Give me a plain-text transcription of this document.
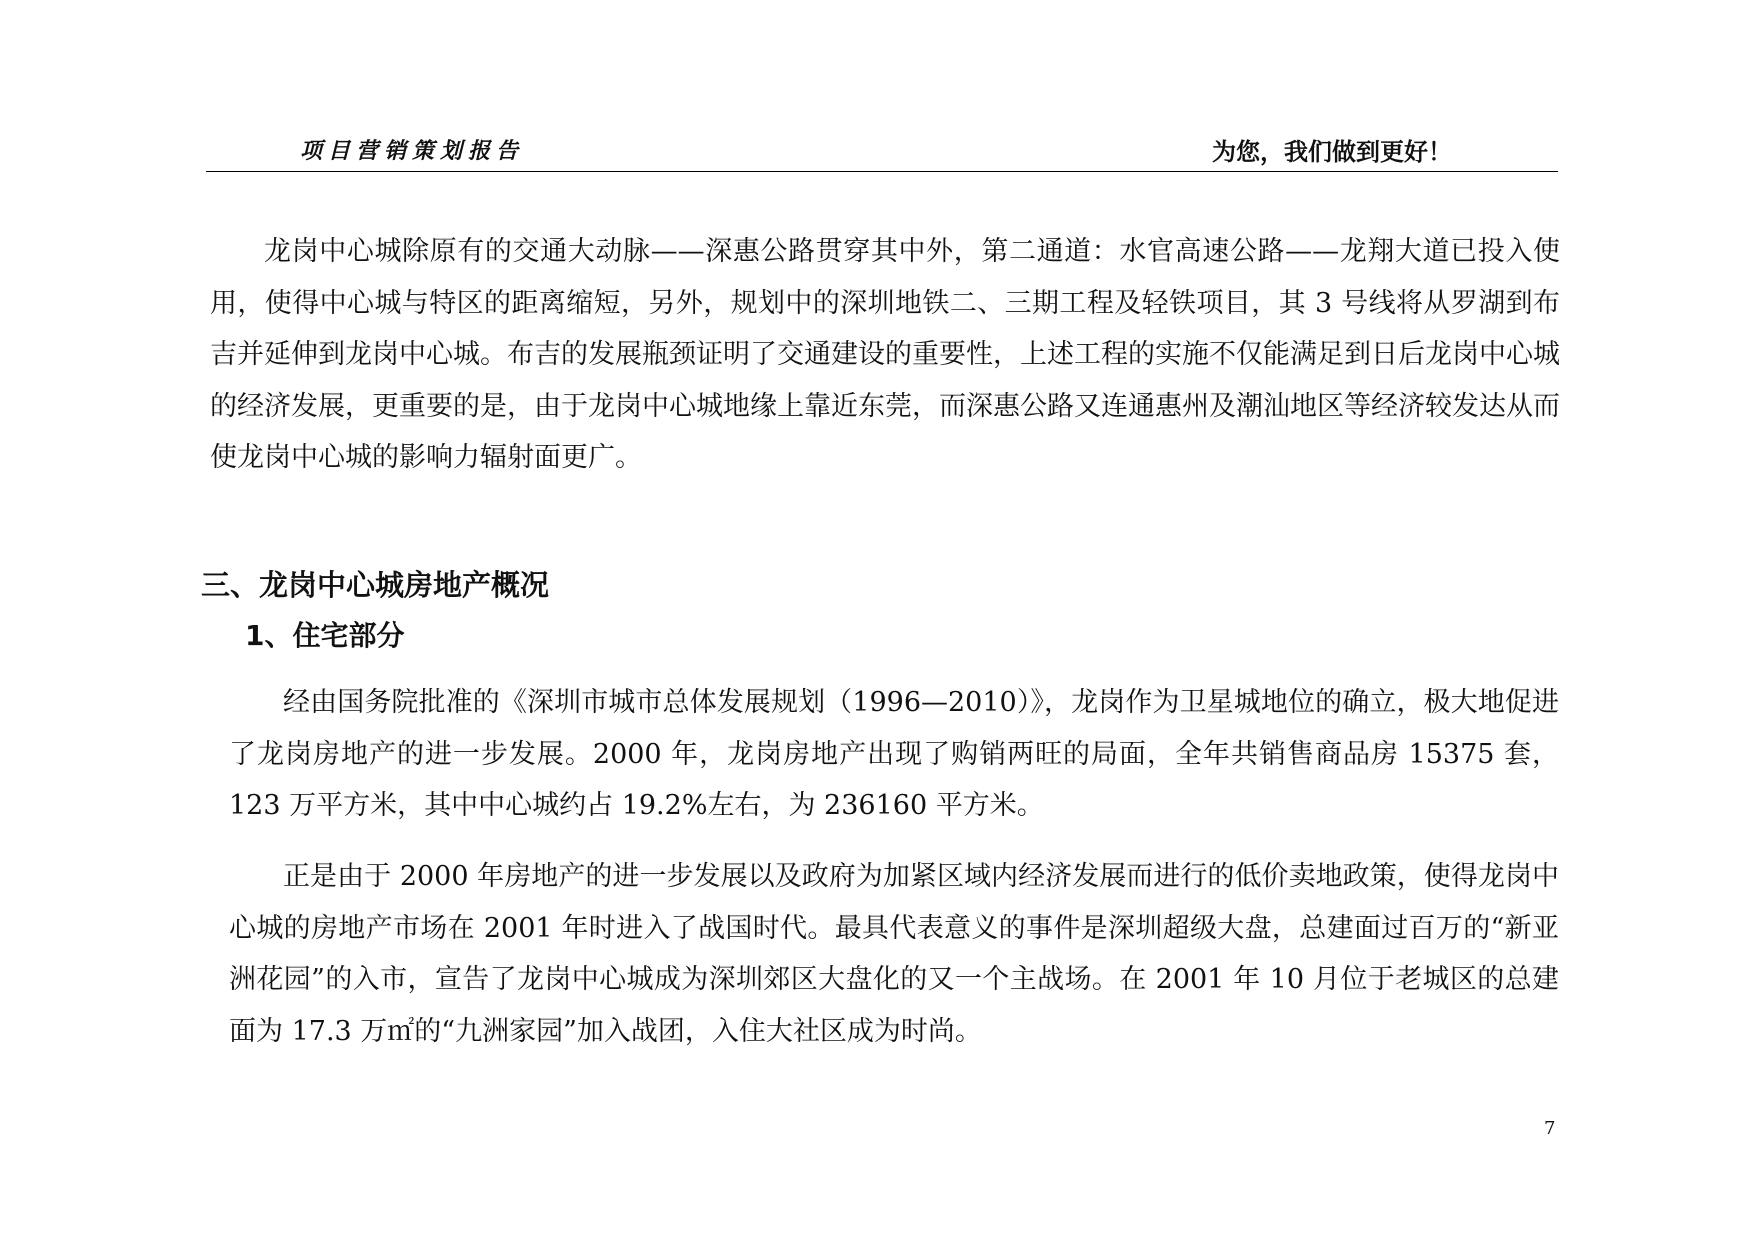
项目营销策划报告	为您，我们做到更好！

龙岗中心城除原有的交通大动脉——深惠公路贯穿其中外，第二通道：水官高速公路——龙翔大道已投入使用，使得中心城与特区的距离缩短，另外，规划中的深圳地铁二、三期工程及轻铁项目，其 3 号线将从罗湖到布吉并延伸到龙岗中心城。布吉的发展瓶颈证明了交通建设的重要性，上述工程的实施不仅能满足到日后龙岗中心城的经济发展，更重要的是，由于龙岗中心城地缘上靠近东莞，而深惠公路又连通惠州及潮汕地区等经济较发达从而使龙岗中心城的影响力辐射面更广。

三、龙岗中心城房地产概况
1、住宅部分

经由国务院批准的《深圳市城市总体发展规划（1996—2010）》，龙岗作为卫星城地位的确立，极大地促进了龙岗房地产的进一步发展。2000 年，龙岗房地产出现了购销两旺的局面，全年共销售商品房 15375 套，123 万平方米，其中中心城约占 19.2%左右，为 236160 平方米。

正是由于 2000 年房地产的进一步发展以及政府为加紧区域内经济发展而进行的低价卖地政策，使得龙岗中心城的房地产市场在 2001 年时进入了战国时代。最具代表意义的事件是深圳超级大盘，总建面过百万的“新亚洲花园”的入市，宣告了龙岗中心城成为深圳郊区大盘化的又一个主战场。在 2001 年 10 月位于老城区的总建面为 17.3 万㎡的“九洲家园”加入战团，入住大社区成为时尚。

7
